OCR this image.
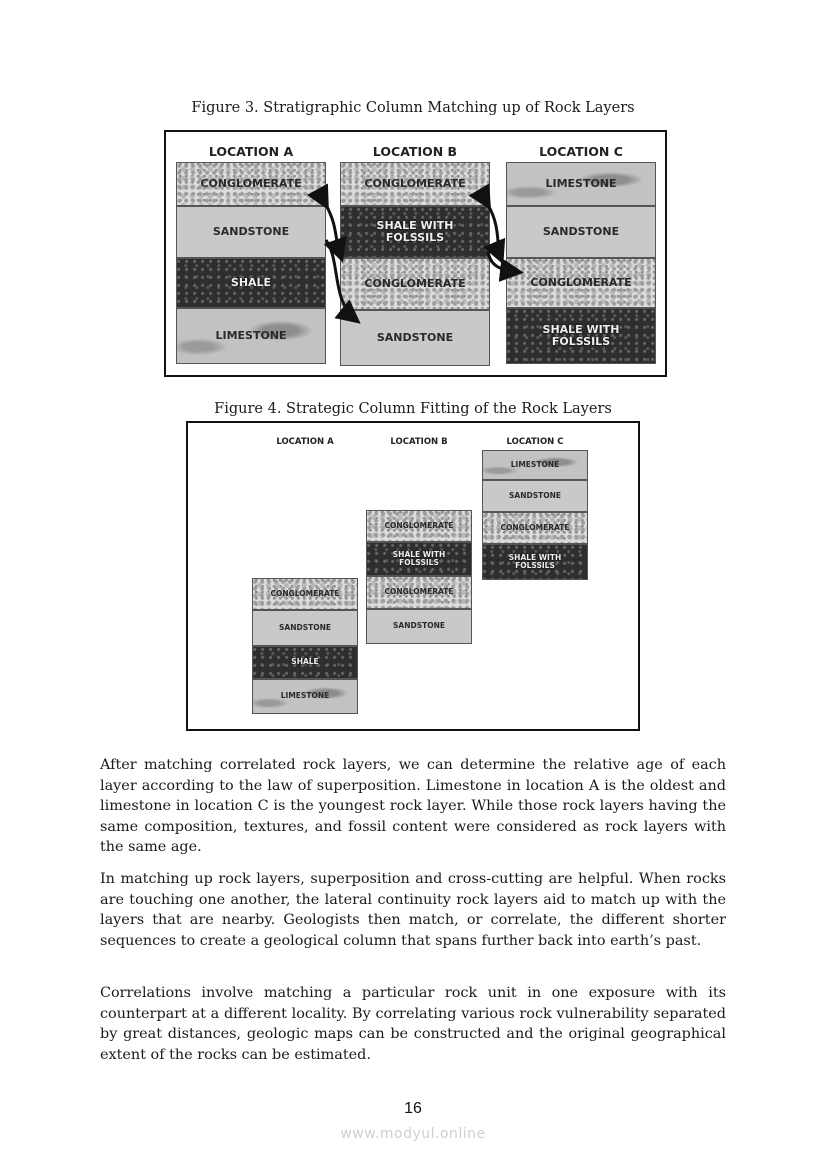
Figure 3. Stratigraphic Column Matching up of Rock Layers
LOCATION A
CONGLOMERATE
SANDSTONE
SHALE
LIMESTONE
LOCATION B
CONGLOMERATE
SHALE WITH FOLSSILS
CONGLOMERATE
SANDSTONE
LOCATION C
LIMESTONE
SANDSTONE
CONGLOMERATE
SHALE WITH FOLSSILS
Figure 4. Strategic Column Fitting of the Rock Layers
LOCATION A
CONGLOMERATE
SANDSTONE
SHALE
LIMESTONE
LOCATION B
CONGLOMERATE
SHALE WITH FOLSSILS
CONGLOMERATE
SANDSTONE
LOCATION C
LIMESTONE
SANDSTONE
CONGLOMERATE
SHALE WITH FOLSSILS

After matching correlated rock layers, we can determine the relative age of each layer according to the law of superposition. Limestone in location A is the oldest and limestone in location C is the youngest rock layer. While those rock layers having the same composition, textures, and fossil content were considered as rock layers with the same age.

In matching up rock layers, superposition and cross-cutting are helpful. When rocks are touching one another, the lateral continuity rock layers aid to match up with the layers that are nearby. Geologists then match, or correlate, the different shorter sequences to create a geological column that spans further back into earth’s past.

Correlations involve matching a particular rock unit in one exposure with its counterpart at a different locality. By correlating various rock vulnerability separated by great distances, geologic maps can be constructed and the original geographical extent of the rocks can be estimated.

16
www.modyul.online
